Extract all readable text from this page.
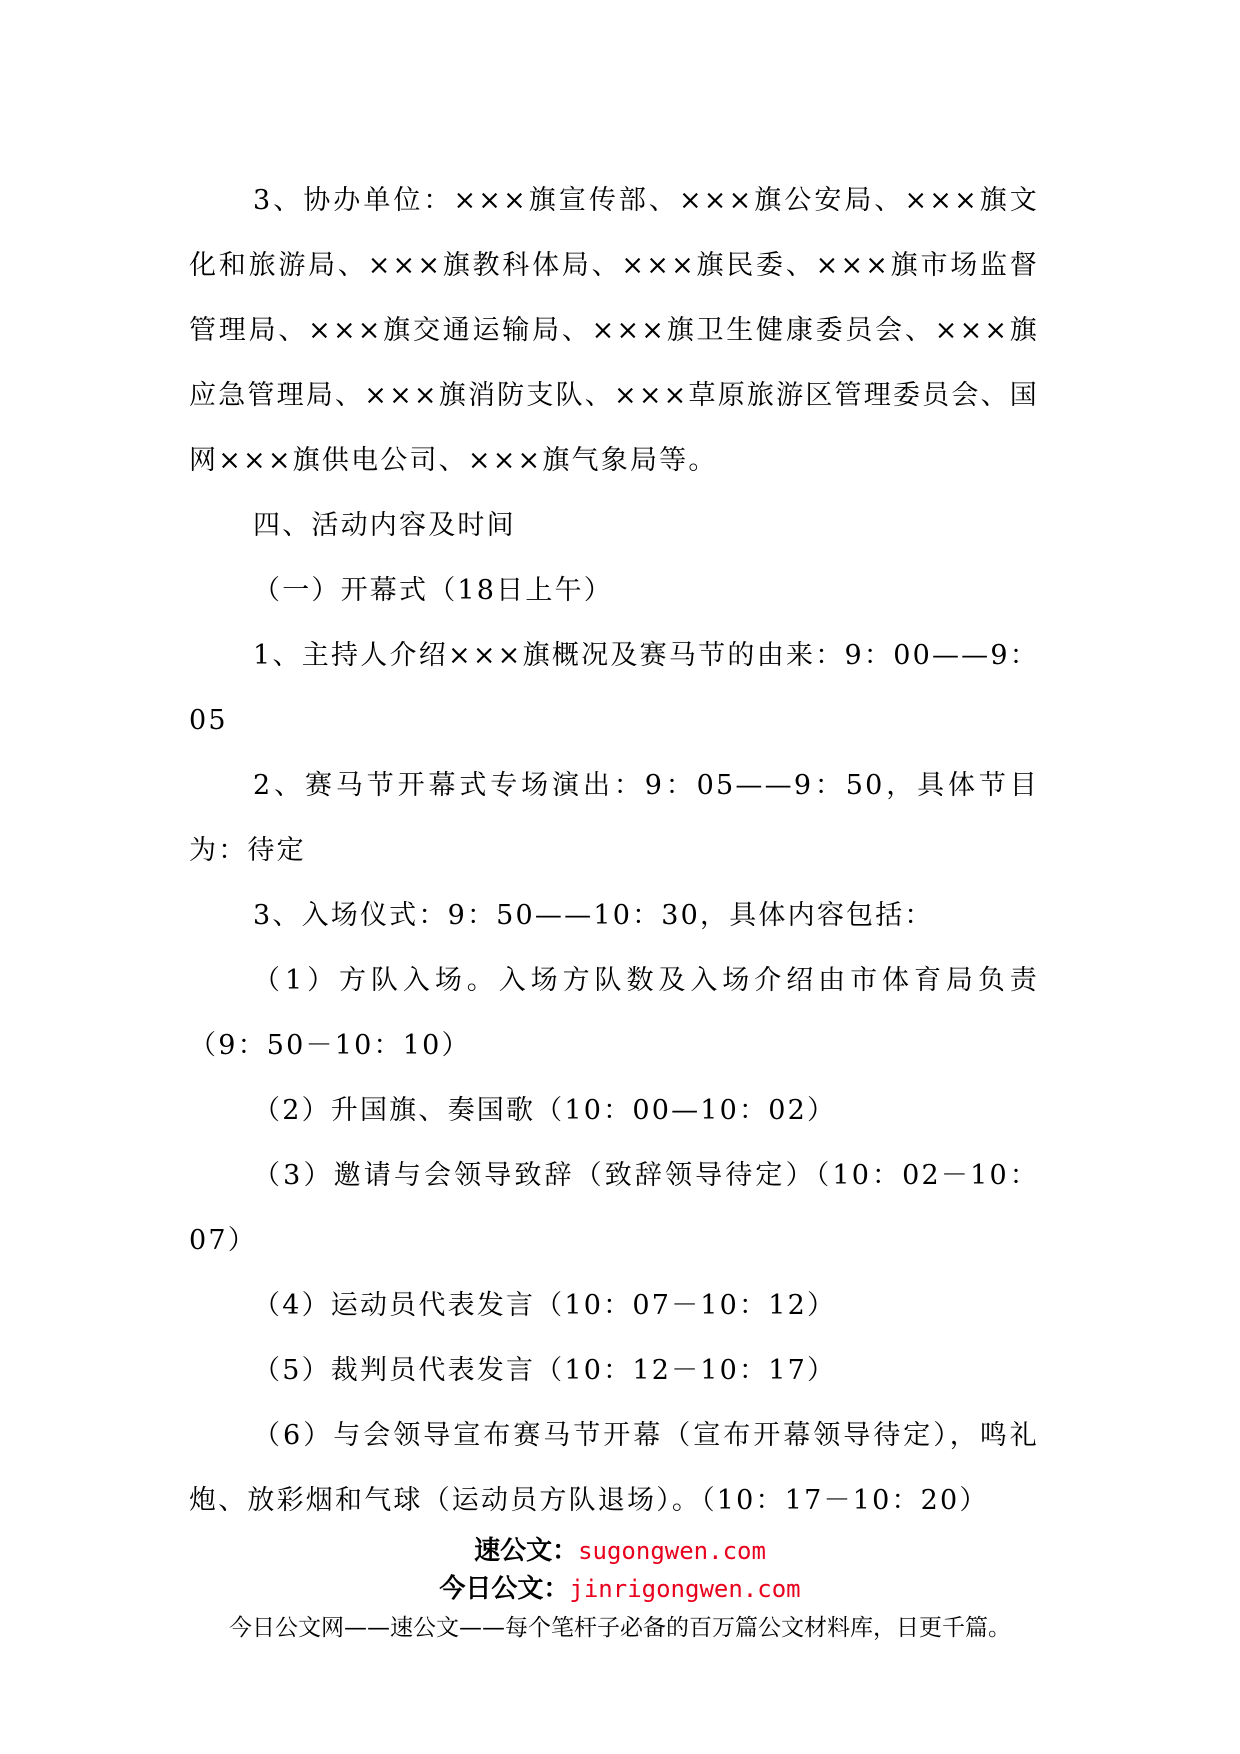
3、协办单位：×××旗宣传部、×××旗公安局、×××旗文化和旅游局、×××旗教科体局、×××旗民委、×××旗市场监督管理局、×××旗交通运输局、×××旗卫生健康委员会、×××旗应急管理局、×××旗消防支队、×××草原旅游区管理委员会、国网×××旗供电公司、×××旗气象局等。

四、活动内容及时间

（一）开幕式（18日上午）

1、主持人介绍×××旗概况及赛马节的由来：9：00——9：05

2、赛马节开幕式专场演出：9：05——9：50，具体节目为：待定

3、入场仪式：9：50——10：30，具体内容包括：

（1）方队入场。入场方队数及入场介绍由市体育局负责（9：50－10：10）

（2）升国旗、奏国歌（10：00—10：02）

（3）邀请与会领导致辞（致辞领导待定）（10：02－10：07）

（4）运动员代表发言（10：07－10：12）

（5）裁判员代表发言（10：12－10：17）

（6）与会领导宣布赛马节开幕（宣布开幕领导待定），鸣礼炮、放彩烟和气球（运动员方队退场）。（10：17－10：20）

速公文：sugongwen.com
今日公文：jinrigongwen.com
今日公文网——速公文——每个笔杆子必备的百万篇公文材料库，日更千篇。
